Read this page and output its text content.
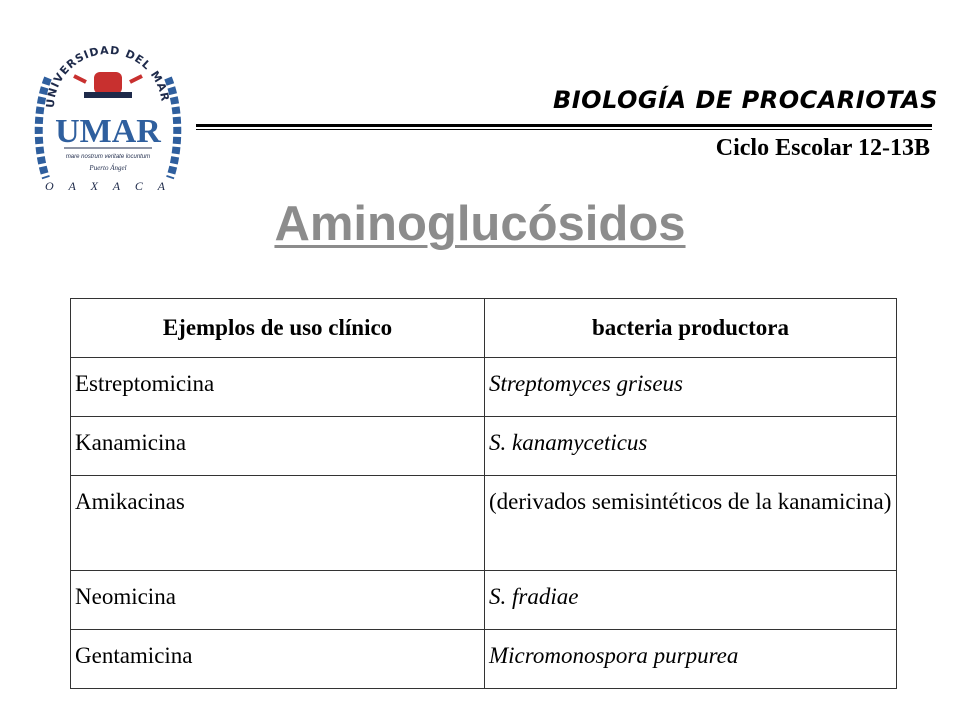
UNIVERSIDAD DEL MAR
UMAR
mare nostrum veritate locuntum
Puerto Ángel
O A X A C A
BIOLOGÍA DE PROCARIOTAS
Ciclo Escolar 12-13B
Aminoglucósidos
Ejemplos de uso clínico	bacteria productora
Estreptomicina	Streptomyces griseus
Kanamicina	S. kanamyceticus
Amikacinas	(derivados semisintéticos de la kanamicina)
Neomicina	S. fradiae
Gentamicina	Micromonospora purpurea
